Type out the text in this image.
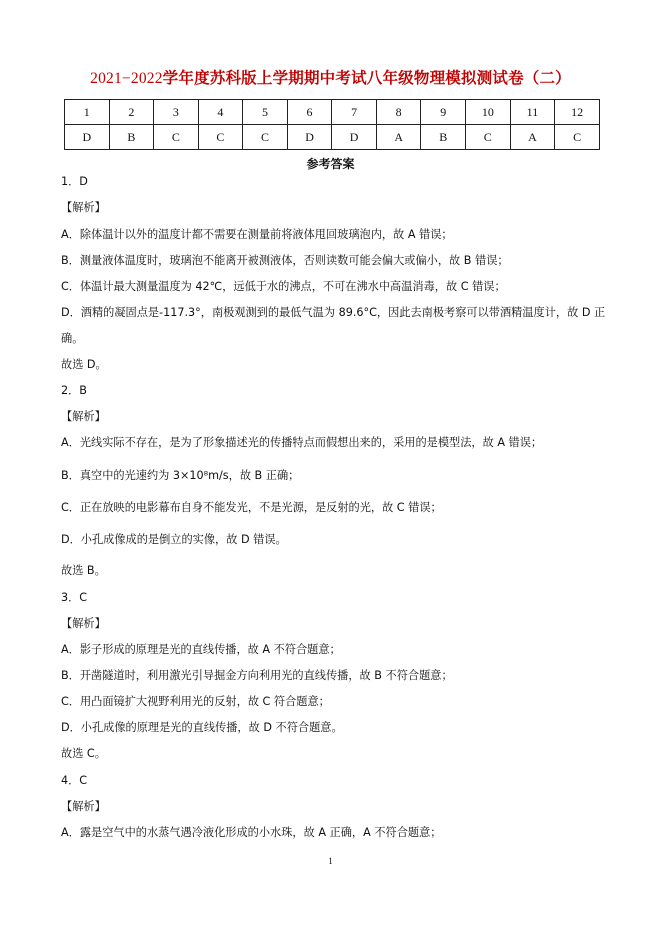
2021−2022学年度苏科版上学期期中考试八年级物理模拟测试卷（二）
1	2	3	4	5	6	7	8	9	10	11	12
D	B	C	C	C	D	D	A	B	C	A	C
参考答案
1．D
【解析】
A．除体温计以外的温度计都不需要在测量前将液体甩回玻璃泡内，故 A 错误；
B．测量液体温度时，玻璃泡不能离开被测液体，否则读数可能会偏大或偏小，故 B 错误；
C．体温计最大测量温度为 42℃，远低于水的沸点，不可在沸水中高温消毒，故 C 错误；
D．酒精的凝固点是-117.3°，南极观测到的最低气温为 89.6°C，因此去南极考察可以带酒精温度计，故 D 正
确。
故选 D。
2．B
【解析】
A．光线实际不存在，是为了形象描述光的传播特点而假想出来的，采用的是模型法，故 A 错误；
B．真空中的光速约为 3×10⁸m/s，故 B 正确；
C．正在放映的电影幕布自身不能发光，不是光源，是反射的光，故 C 错误；
D．小孔成像成的是倒立的实像，故 D 错误。
故选 B。
3．C
【解析】
A．影子形成的原理是光的直线传播，故 A 不符合题意；
B．开凿隧道时，利用激光引导掘金方向利用光的直线传播，故 B 不符合题意；
C．用凸面镜扩大视野利用光的反射，故 C 符合题意；
D．小孔成像的原理是光的直线传播，故 D 不符合题意。
故选 C。
4．C
【解析】
A．露是空气中的水蒸气遇冷液化形成的小水珠，故 A 正确，A 不符合题意；
1
